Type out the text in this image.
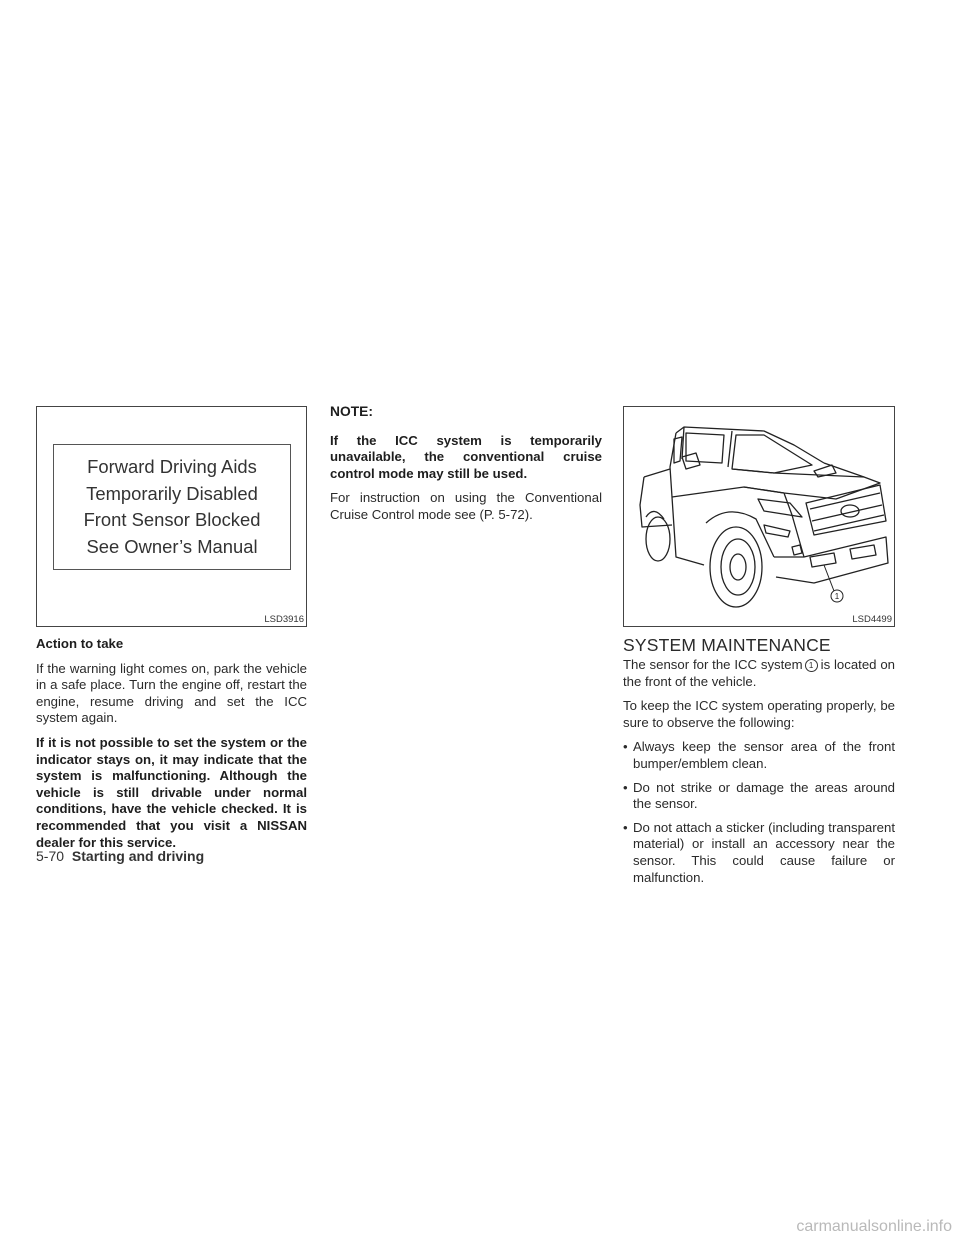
Forward Driving Aids
Temporarily Disabled
Front Sensor Blocked
See Owner’s Manual
LSD3916

Action to take

If the warning light comes on, park the vehicle in a safe place. Turn the engine off, restart the engine, resume driving and set the ICC system again.

If it is not possible to set the system or the indicator stays on, it may indicate that the system is malfunctioning. Although the vehicle is still drivable under normal conditions, have the vehicle checked. It is recommended that you visit a NISSAN dealer for this service.

NOTE:

If the ICC system is temporarily unavailable, the conventional cruise control mode may still be used.

For instruction on using the Conventional Cruise Control mode see (P. 5-72).

1
LSD4499
SYSTEM MAINTENANCE

The sensor for the ICC system 1 is located on the front of the vehicle.

To keep the ICC system operating properly, be sure to observe the following:

• Always keep the sensor area of the front bumper/emblem clean.
• Do not strike or damage the areas around the sensor.
• Do not attach a sticker (including transparent material) or install an accessory near the sensor. This could cause failure or malfunction.
5-70 Starting and driving
carmanualsonline.info
